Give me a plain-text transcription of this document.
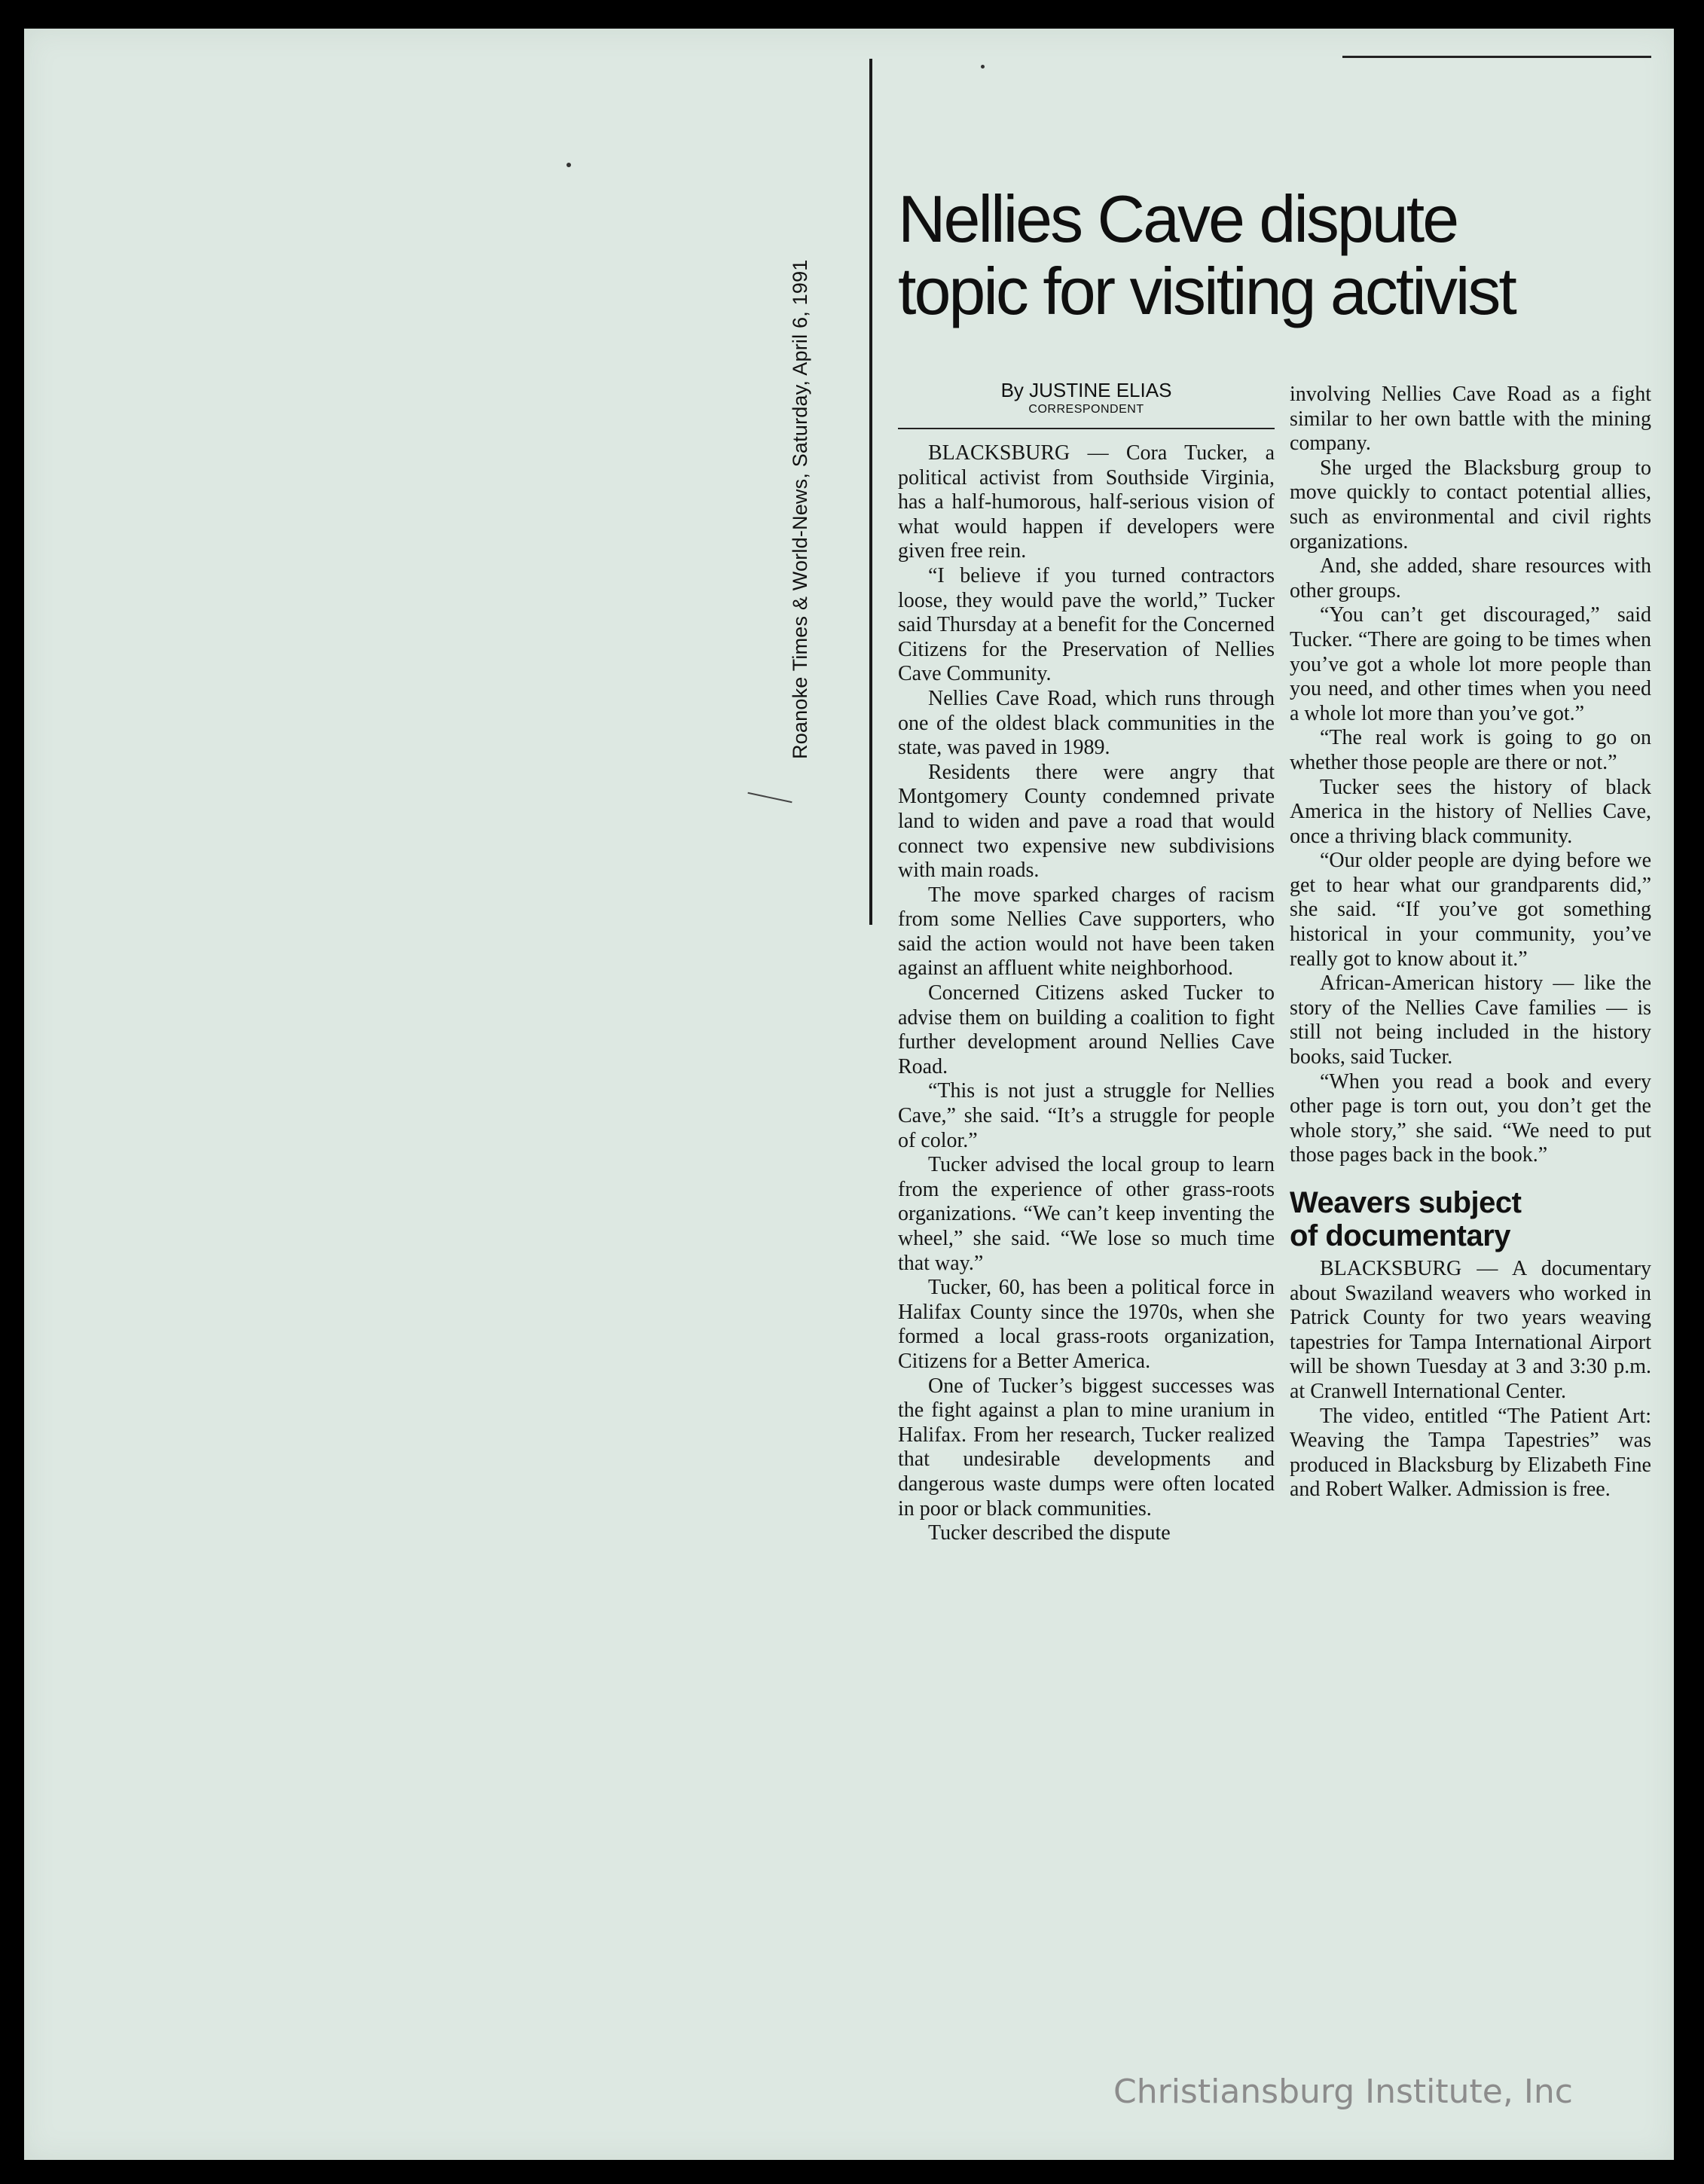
Roanoke Times & World-News, Saturday, April 6, 1991
Nellies Cave dispute
topic for visiting activist
By JUSTINE ELIAS
CORRESPONDENT

BLACKSBURG — Cora Tucker, a political activist from Southside Virginia, has a half-humorous, half-serious vision of what would happen if developers were given free rein.

“I believe if you turned contractors loose, they would pave the world,” Tucker said Thursday at a benefit for the Concerned Citizens for the Preservation of Nellies Cave Community.

Nellies Cave Road, which runs through one of the oldest black communities in the state, was paved in 1989.

Residents there were angry that Montgomery County condemned private land to widen and pave a road that would connect two expensive new subdivisions with main roads.

The move sparked charges of racism from some Nellies Cave supporters, who said the action would not have been taken against an affluent white neighborhood.

Concerned Citizens asked Tucker to advise them on building a coalition to fight further development around Nellies Cave Road.

“This is not just a struggle for Nellies Cave,” she said. “It’s a struggle for people of color.”

Tucker advised the local group to learn from the experience of other grass-roots organizations. “We can’t keep inventing the wheel,” she said. “We lose so much time that way.”

Tucker, 60, has been a political force in Halifax County since the 1970s, when she formed a local grass-roots organization, Citizens for a Better America.

One of Tucker’s biggest successes was the fight against a plan to mine uranium in Halifax. From her research, Tucker realized that undesirable developments and dangerous waste dumps were often located in poor or black communities.

Tucker described the dispute

involving Nellies Cave Road as a fight similar to her own battle with the mining company.

She urged the Blacksburg group to move quickly to contact potential allies, such as environmental and civil rights organizations.

And, she added, share resources with other groups.

“You can’t get discouraged,” said Tucker. “There are going to be times when you’ve got a whole lot more people than you need, and other times when you need a whole lot more than you’ve got.”

“The real work is going to go on whether those people are there or not.”

Tucker sees the history of black America in the history of Nellies Cave, once a thriving black community.

“Our older people are dying before we get to hear what our grandparents did,” she said. “If you’ve got something historical in your community, you’ve really got to know about it.”

African-American history — like the story of the Nellies Cave families — is still not being included in the history books, said Tucker.

“When you read a book and every other page is torn out, you don’t get the whole story,” she said. “We need to put those pages back in the book.”

Weavers subject
of documentary

BLACKSBURG — A documentary about Swaziland weavers who worked in Patrick County for two years weaving tapestries for Tampa International Airport will be shown Tuesday at 3 and 3:30 p.m. at Cranwell International Center.

The video, entitled “The Patient Art: Weaving the Tampa Tapestries” was produced in Blacksburg by Elizabeth Fine and Robert Walker. Admission is free.

Christiansburg Institute, Inc
